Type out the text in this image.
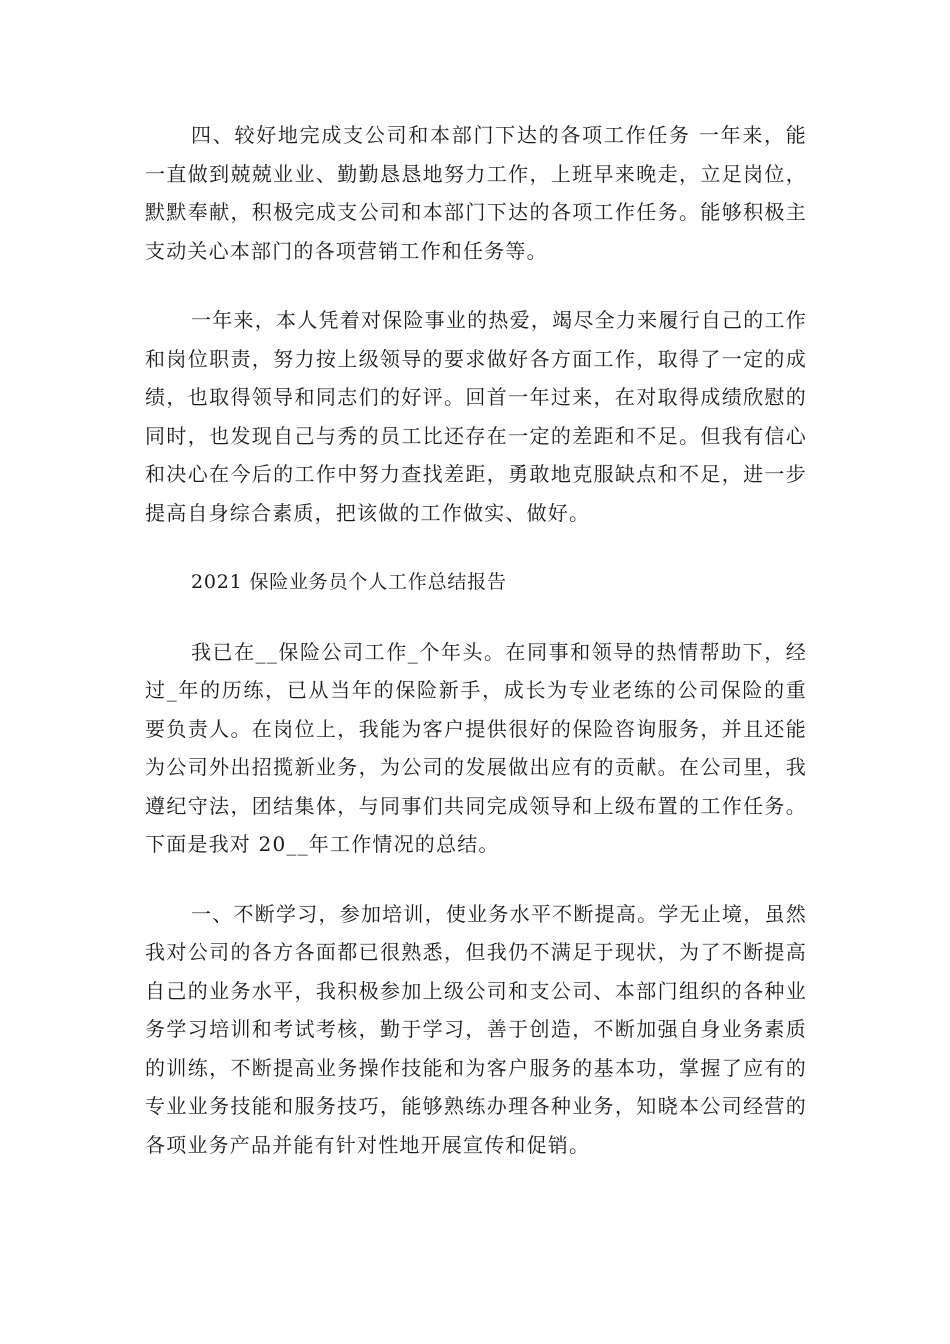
四、较好地完成支公司和本部门下达的各项工作任务 一年来，能一直做到兢兢业业、勤勤恳恳地努力工作，上班早来晚走，立足岗位，默默奉献，积极完成支公司和本部门下达的各项工作任务。能够积极主支动关心本部门的各项营销工作和任务等。

一年来，本人凭着对保险事业的热爱，竭尽全力来履行自己的工作和岗位职责，努力按上级领导的要求做好各方面工作，取得了一定的成绩，也取得领导和同志们的好评。回首一年过来，在对取得成绩欣慰的同时，也发现自己与秀的员工比还存在一定的差距和不足。但我有信心和决心在今后的工作中努力查找差距，勇敢地克服缺点和不足，进一步提高自身综合素质，把该做的工作做实、做好。

2021 保险业务员个人工作总结报告

我已在__保险公司工作_个年头。在同事和领导的热情帮助下，经过_年的历练，已从当年的保险新手，成长为专业老练的公司保险的重要负责人。在岗位上，我能为客户提供很好的保险咨询服务，并且还能为公司外出招揽新业务，为公司的发展做出应有的贡献。在公司里，我遵纪守法，团结集体，与同事们共同完成领导和上级布置的工作任务。下面是我对 20__年工作情况的总结。

一、不断学习，参加培训，使业务水平不断提高。学无止境，虽然我对公司的各方各面都已很熟悉，但我仍不满足于现状，为了不断提高自己的业务水平，我积极参加上级公司和支公司、本部门组织的各种业务学习培训和考试考核，勤于学习，善于创造，不断加强自身业务素质的训练，不断提高业务操作技能和为客户服务的基本功，掌握了应有的专业业务技能和服务技巧，能够熟练办理各种业务，知晓本公司经营的各项业务产品并能有针对性地开展宣传和促销。
